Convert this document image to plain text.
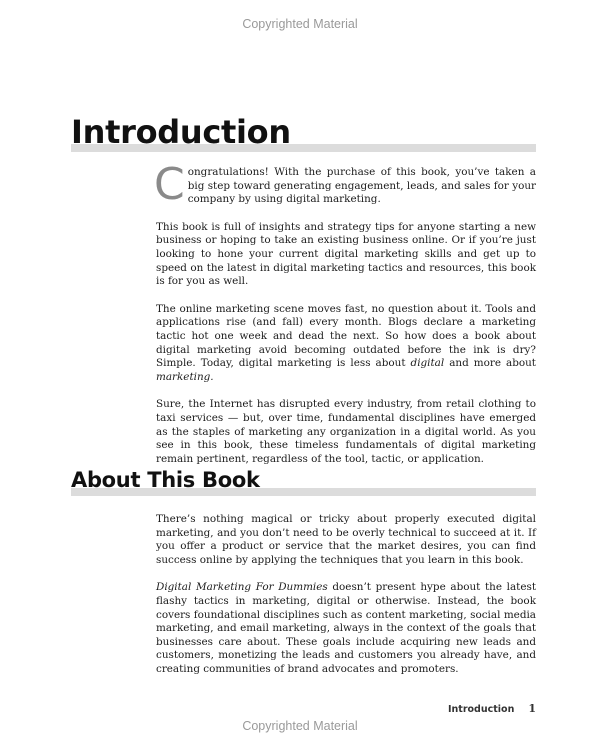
Copyrighted Material
Introduction

Congratulations! With the purchase of this book, you’ve taken a big step toward generating engagement, leads, and sales for your company by using digital marketing.

This book is full of insights and strategy tips for anyone starting a new business or hoping to take an existing business online. Or if you’re just looking to hone your current digital marketing skills and get up to speed on the latest in digital marketing tactics and resources, this book is for you as well.

The online marketing scene moves fast, no question about it. Tools and applications rise (and fall) every month. Blogs declare a marketing tactic hot one week and dead the next. So how does a book about digital marketing avoid becoming outdated before the ink is dry? Simple. Today, digital marketing is less about digital and more about marketing.

Sure, the Internet has disrupted every industry, from retail clothing to taxi services — but, over time, fundamental disciplines have emerged as the staples of marketing any organization in a digital world. As you see in this book, these timeless fundamentals of digital marketing remain pertinent, regardless of the tool, tactic, or application.

About This Book

There’s nothing magical or tricky about properly executed digital marketing, and you don’t need to be overly technical to succeed at it. If you offer a product or service that the market desires, you can find success online by applying the techniques that you learn in this book.

Digital Marketing For Dummies doesn’t present hype about the latest flashy tactics in marketing, digital or otherwise. Instead, the book covers foundational disciplines such as content marketing, social media marketing, and email marketing, always in the context of the goals that businesses care about. These goals include acquiring new leads and customers, monetizing the leads and customers you already have, and creating communities of brand advocates and promoters.

Introduction 1
Copyrighted Material
